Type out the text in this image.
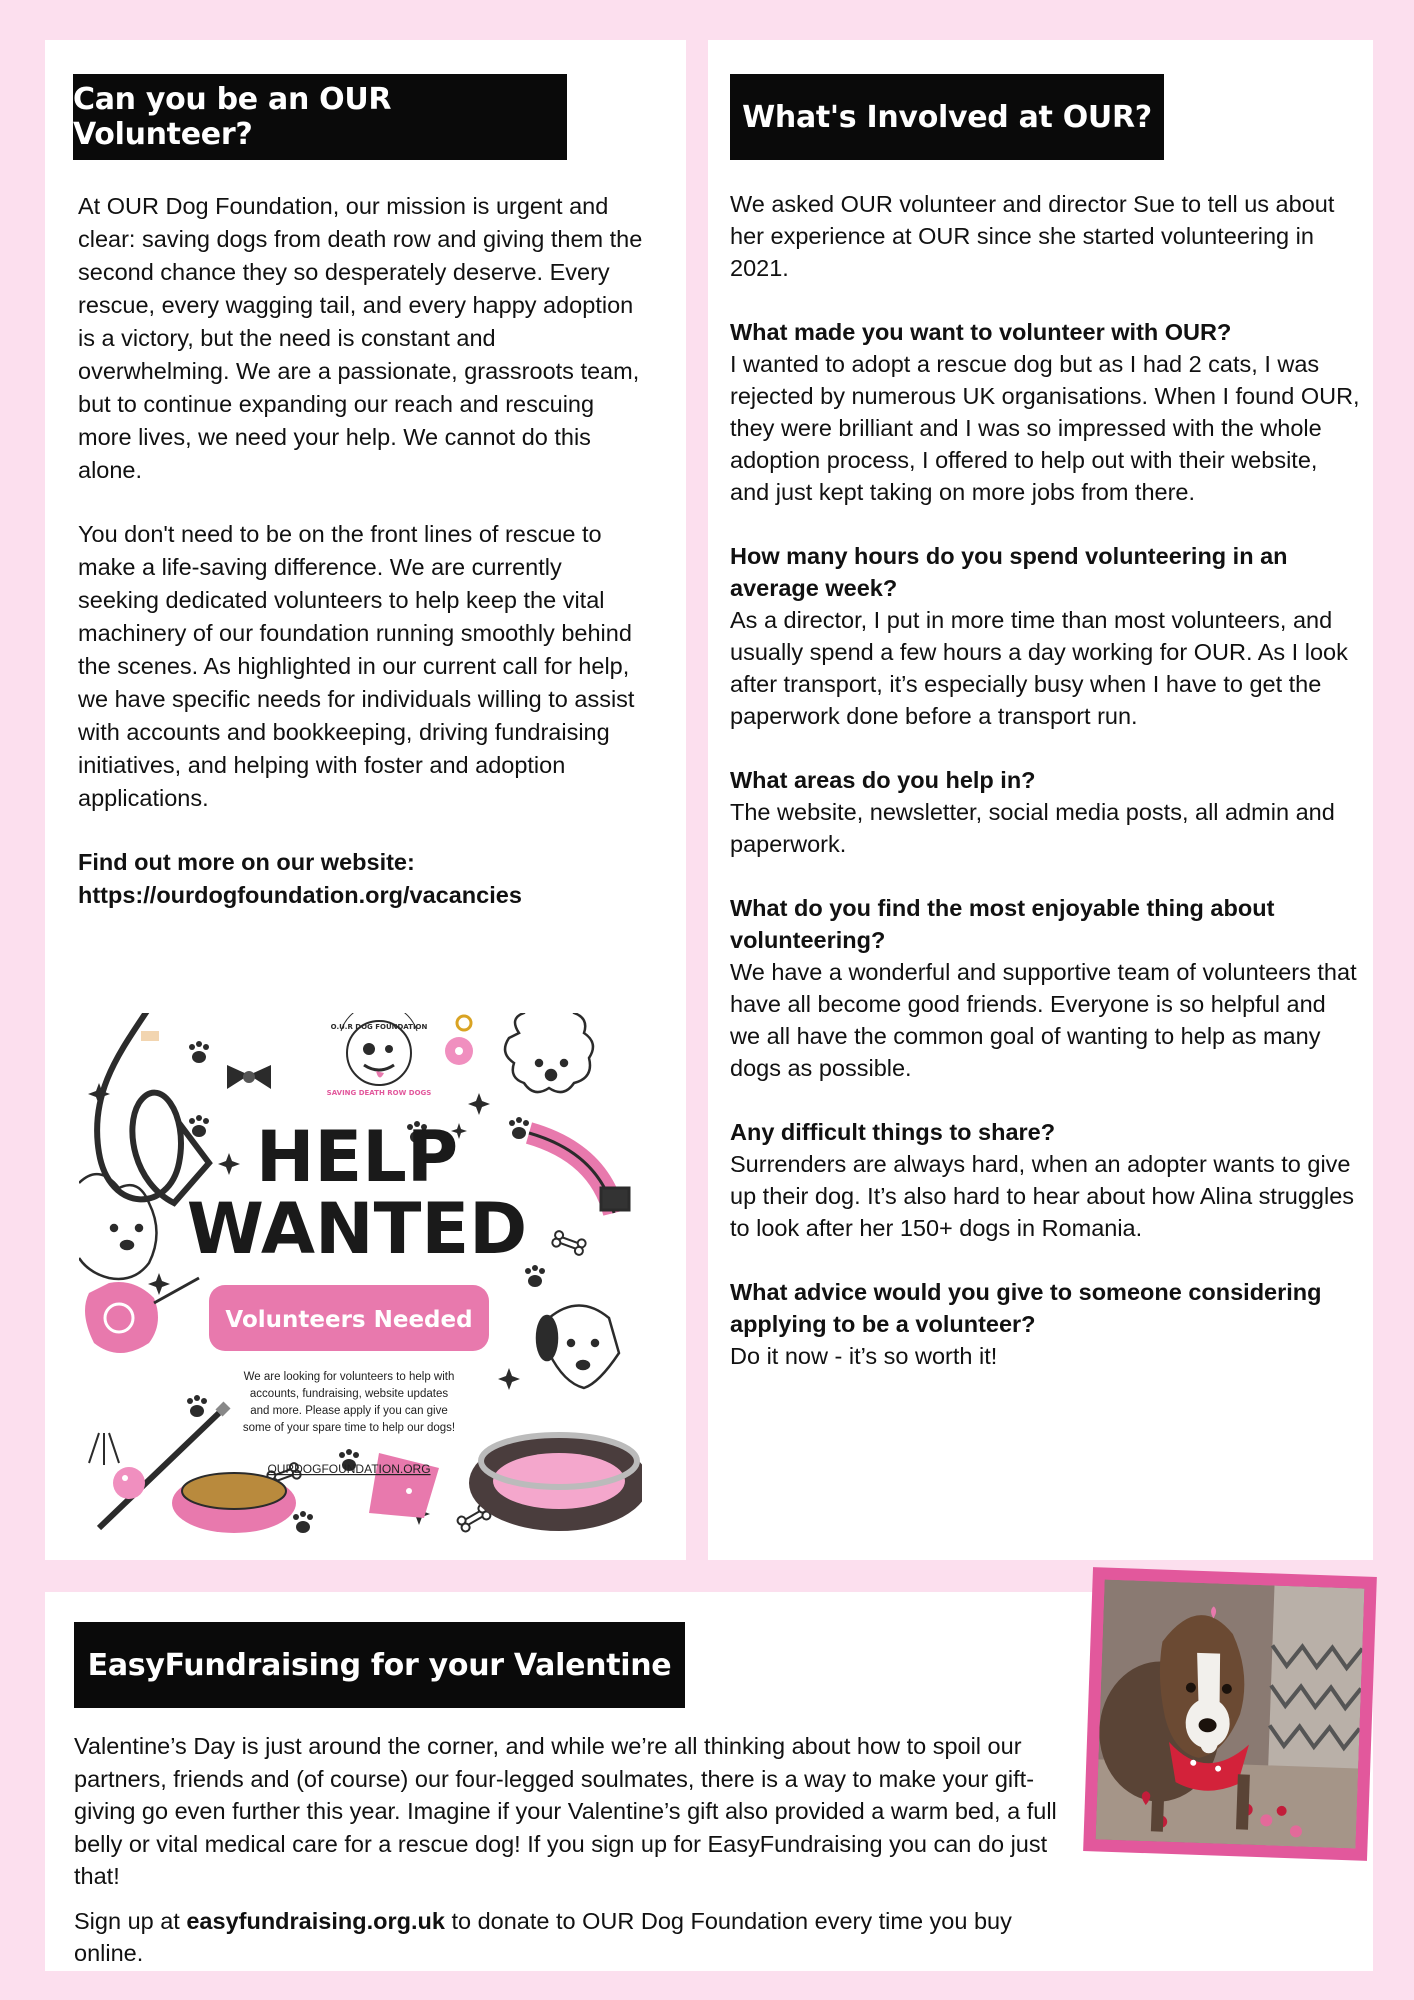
Can you be an OUR Volunteer?

At OUR Dog Foundation, our mission is urgent and clear: saving dogs from death row and giving them the second chance they so desperately deserve. Every rescue, every wagging tail, and every happy adoption is a victory, but the need is constant and overwhelming. We are a passionate, grassroots team, but to continue expanding our reach and rescuing more lives, we need your help. We cannot do this alone.

You don't need to be on the front lines of rescue to make a life-saving difference. We are currently seeking dedicated volunteers to help keep the vital machinery of our foundation running smoothly behind the scenes. As highlighted in our current call for help, we have specific needs for individuals willing to assist with accounts and bookkeeping, driving fundraising initiatives, and helping with foster and adoption applications.

Find out more on our website:

https://ourdogfoundation.org/vacancies

HELP
WANTED
Volunteers Needed
We are looking for volunteers to help with
accounts, fundraising, website updates
and more. Please apply if you can give
some of your spare time to help our dogs!
OURDOGFOUNDATION.ORG
O.U.R DOG FOUNDATION
SAVING DEATH ROW DOGS
What's Involved at OUR?

We asked OUR volunteer and director Sue to tell us about her experience at OUR since she started volunteering in 2021.

What made you want to volunteer with OUR?

I wanted to adopt a rescue dog but as I had 2 cats, I was rejected by numerous UK organisations. When I found OUR, they were brilliant and I was so impressed with the whole adoption process, I offered to help out with their website, and just kept taking on more jobs from there.

How many hours do you spend volunteering in an average week?

As a director, I put in more time than most volunteers, and usually spend a few hours a day working for OUR. As I look after transport, it’s especially busy when I have to get the paperwork done before a transport run.

What areas do you help in?

The website, newsletter, social media posts, all admin and paperwork.

What do you find the most enjoyable thing about volunteering?

We have a wonderful and supportive team of volunteers that have all become good friends. Everyone is so helpful and we all have the common goal of wanting to help as many dogs as possible.

Any difficult things to share?

Surrenders are always hard, when an adopter wants to give up their dog. It’s also hard to hear about how Alina struggles to look after her 150+ dogs in Romania.

What advice would you give to someone considering applying to be a volunteer?

Do it now - it’s so worth it!

EasyFundraising for your Valentine

Valentine’s Day is just around the corner, and while we’re all thinking about how to spoil our partners, friends and (of course) our four-legged soulmates, there is a way to make your gift-giving go even further this year. Imagine if your Valentine’s gift also provided a warm bed, a full belly or vital medical care for a rescue dog! If you sign up for EasyFundraising you can do just that!

Sign up at easyfundraising.org.uk to donate to OUR Dog Foundation every time you buy online.
